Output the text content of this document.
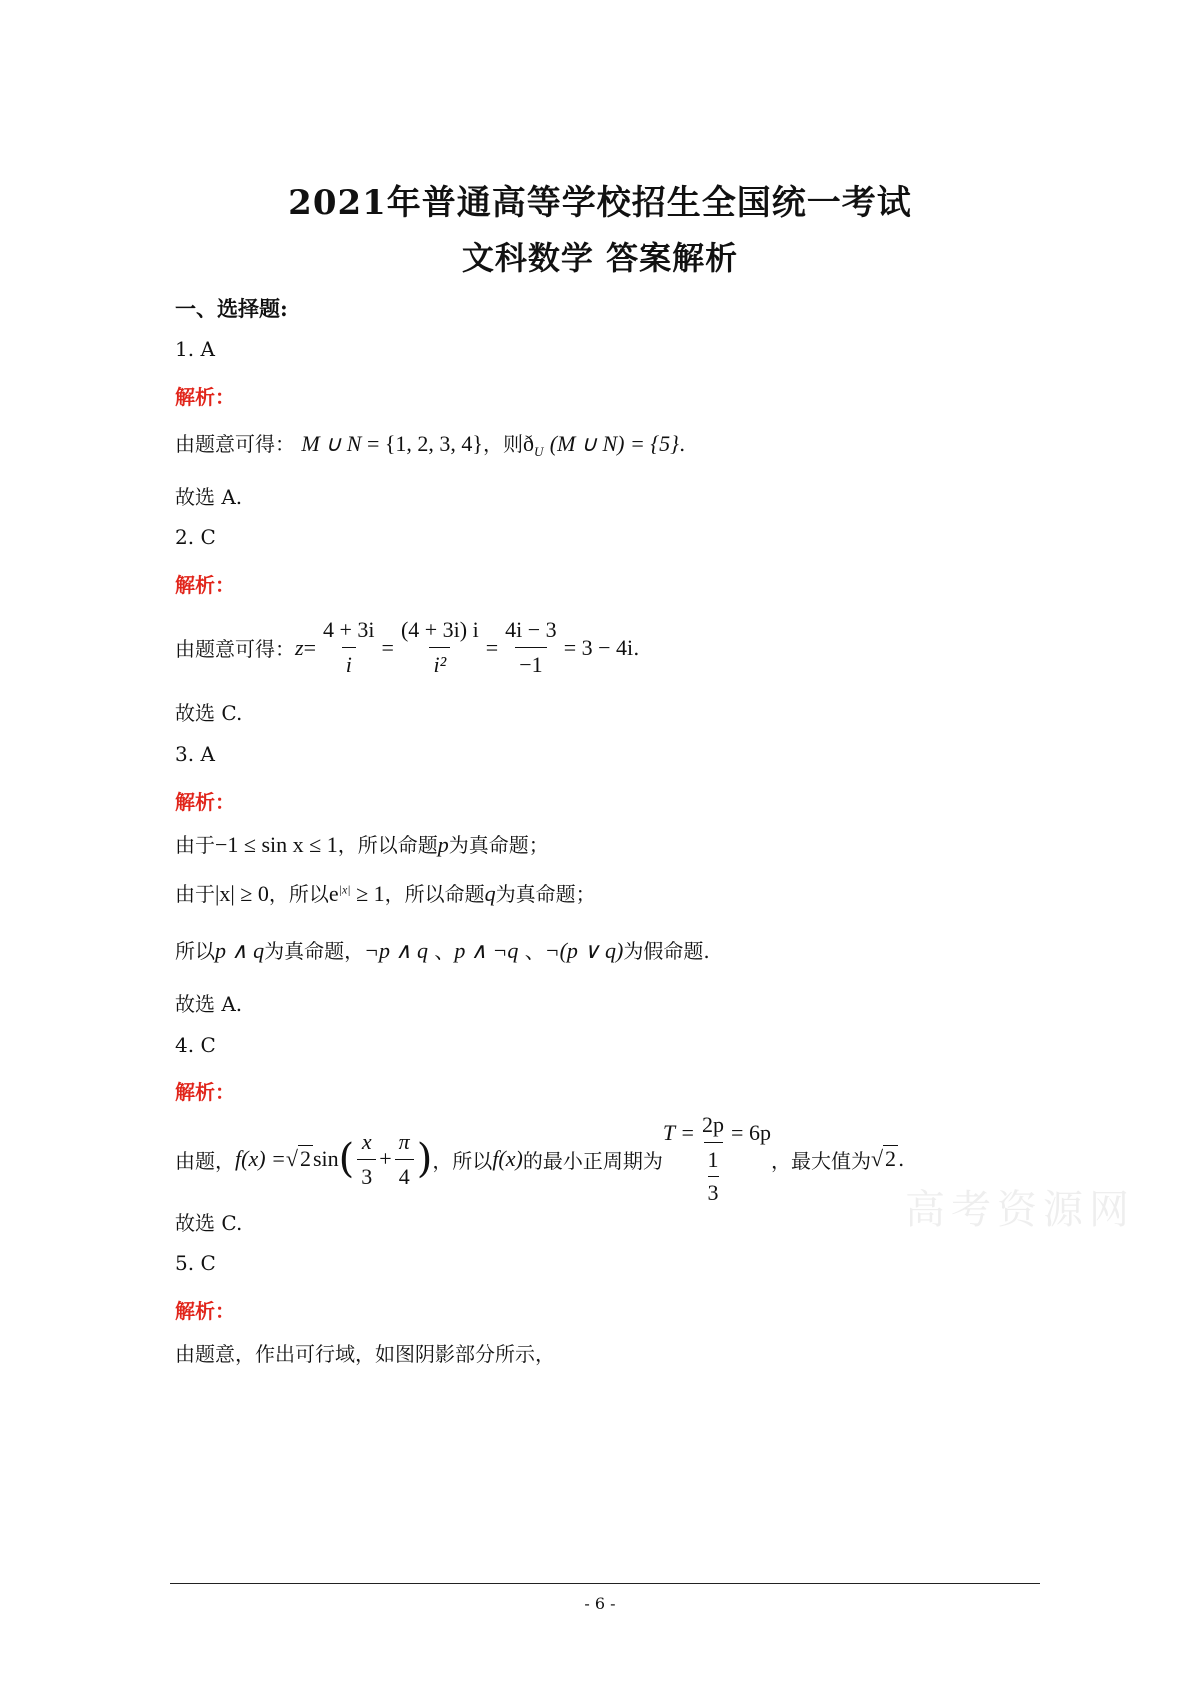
2021年普通高等学校招生全国统一考试
文科数学 答案解析
一、选择题:
1. A
解析：
由题意可得： M ∪ N = {1, 2, 3, 4}，则$ð_U$ (M ∪ N) = {5}.
故选 A.
2. C
解析：
由题意可得： $z = \frac{4 + 3i}{i} = \frac{(4 + 3i) i}{\text{i²}} = \frac{4i - 3}{-1} = 3 - 4i$ .
故选 C.
3. A
解析：
由于−1 ≤ sin x ≤ 1，所以命题p为真命题；
由于|x| ≥ 0，所以$e^{|x|} \ge 1$，所以命题q为真命题；
所以p ∧ q为真命题，¬p ∧ q 、p ∧ ¬q 、¬(p ∨ q)为假命题.
故选 A.
4. C
解析：
由题， f(x) = √ 2 sin ( $\frac{x}{3} + \frac{\pi}{4}$ ) ，所以 f(x) 的最小正周期为
T = 2p
1
3 = 6p
，最大值为 √ 2 .
故选 C.
5. C
解析：
由题意，作出可行域，如图阴影部分所示，
高考资源网
- 6 -
